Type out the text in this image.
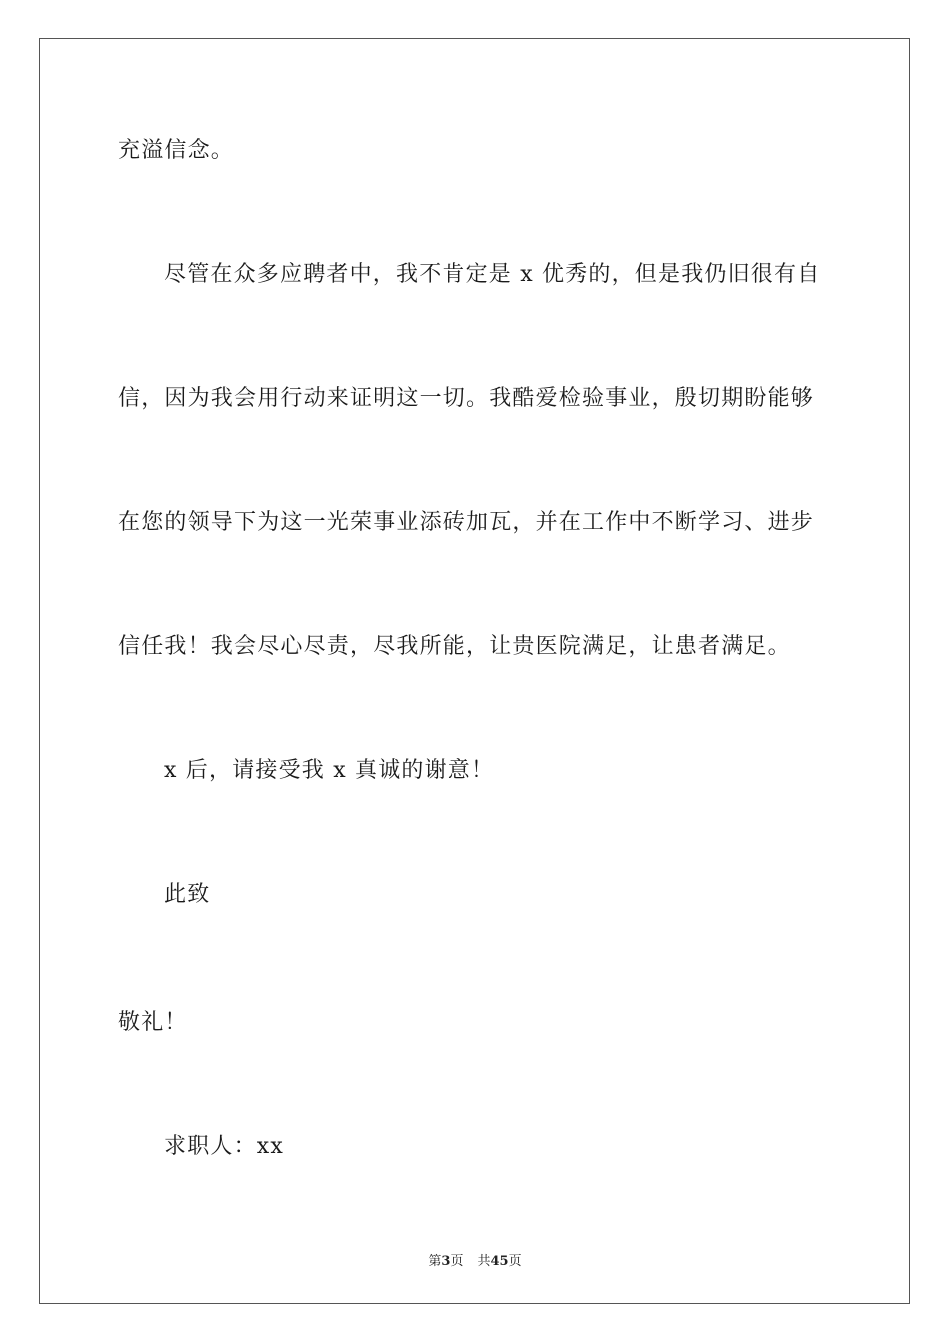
充溢信念。
尽管在众多应聘者中，我不肯定是 x 优秀的，但是我仍旧很有自
信，因为我会用行动来证明这一切。我酷爱检验事业，殷切期盼能够
在您的领导下为这一光荣事业添砖加瓦，并在工作中不断学习、进步
信任我！我会尽心尽责，尽我所能，让贵医院满足，让患者满足。
x 后，请接受我 x 真诚的谢意！
此致
敬礼！
求职人：xx
第3页 共45页
